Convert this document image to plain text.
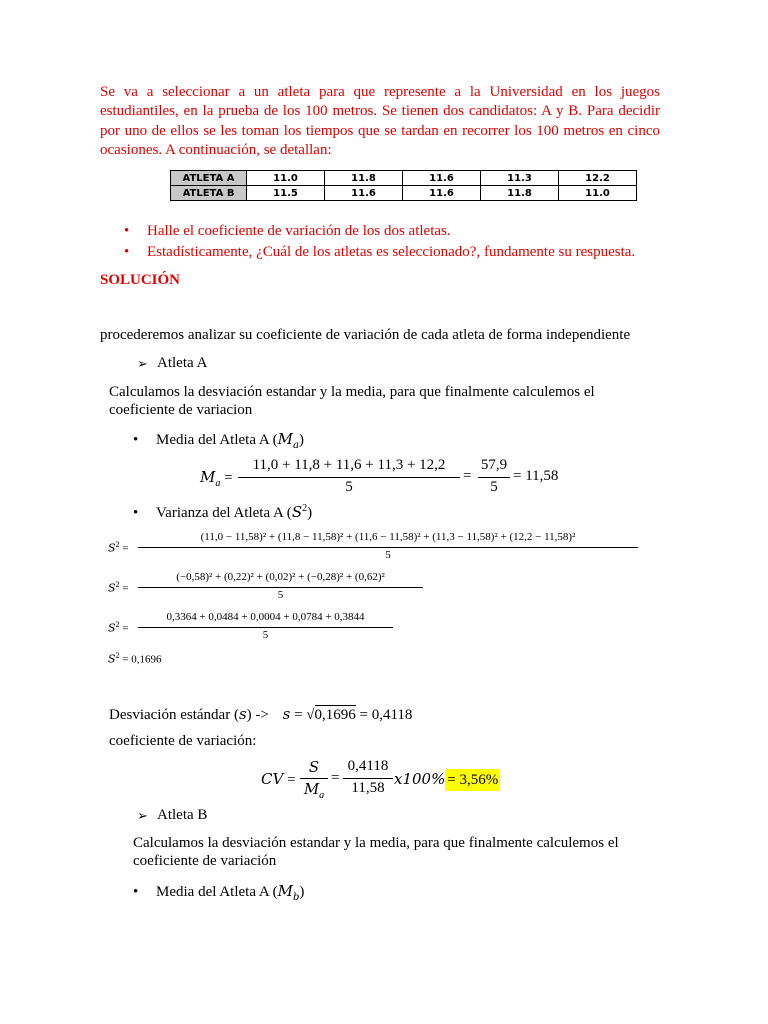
Se va a seleccionar a un atleta para que represente a la Universidad en los juegos estudiantiles, en la prueba de los 100 metros. Se tienen dos candidatos: A y B. Para decidir por uno de ellos se les toman los tiempos que se tardan en recorrer los 100 metros en cinco ocasiones. A continuación, se detallan:
ATLETA A	11.0	11.8	11.6	11.3	12.2
ATLETA B	11.5	11.6	11.6	11.8	11.0
• Halle el coeficiente de variación de los dos atletas.
• Estadísticamente, ¿Cuál de los atletas es seleccionado?, fundamente su respuesta.
SOLUCIÓN
procederemos analizar su coeficiente de variación de cada atleta de forma independiente
➢ Atleta A
Calculamos la desviación estandar y la media, para que finalmente calculemos el
coeficiente de variacion
• Media del Atleta A $(M_a)$
$M_a$ =
11,0 + 11,8 + 11,6 + 11,3 + 12,2
5
=
57,9
5
= 11,58
• Varianza del Atleta A $(S^2)$
$S^2$ =
(11,0 − 11,58)² + (11,8 − 11,58)² + (11,6 − 11,58)² + (11,3 − 11,58)² + (12,2 − 11,58)²
5
$S^2$ =
(−0,58)² + (0,22)² + (0,02)² + (−0,28)² + (0,62)²
5
$S^2$ =
0,3364 + 0,0484 + 0,0004 + 0,0784 + 0,3844
5
$S^2 = 0,1696$
Desviación estándar (s) -> s = √0,1696 = 0,4118
coeficiente de variación:
CV =
S
$M_a$
=
0,4118
11,58 x100% = 3,56%
➢ Atleta B
Calculamos la desviación estandar y la media, para que finalmente calculemos el
coeficiente de variación
• Media del Atleta A $(M_b)$
